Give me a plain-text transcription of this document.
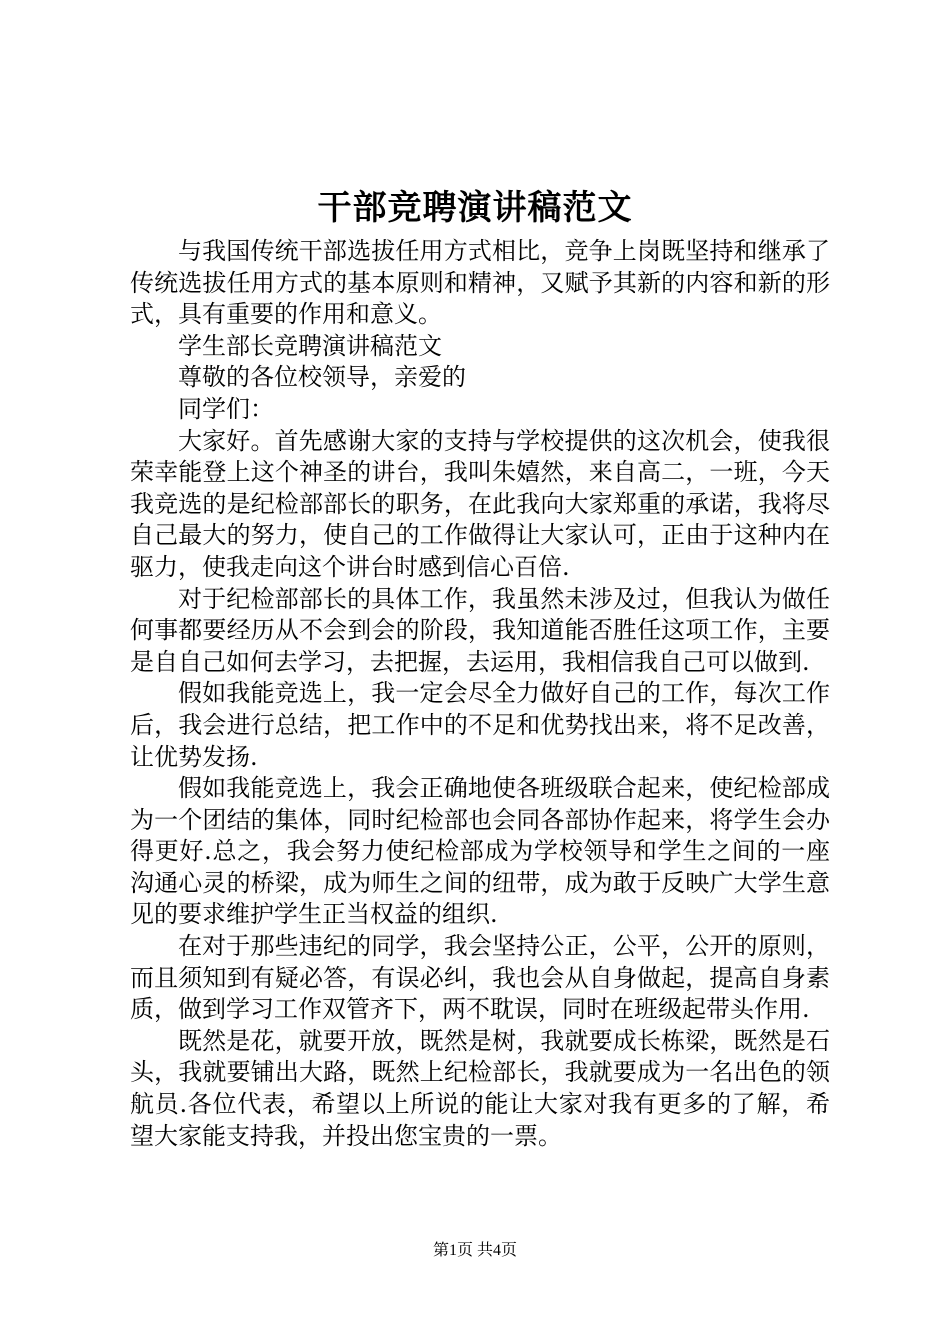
干部竞聘演讲稿范文

与我国传统干部选拔任用方式相比，竞争上岗既坚持和继承了传统选拔任用方式的基本原则和精神，又赋予其新的内容和新的形式，具有重要的作用和意义。

学生部长竞聘演讲稿范文

尊敬的各位校领导，亲爱的

同学们：

大家好。首先感谢大家的支持与学校提供的这次机会，使我很荣幸能登上这个神圣的讲台，我叫朱嬉然，来自高二，一班，今天我竞选的是纪检部部长的职务，在此我向大家郑重的承诺，我将尽自己最大的努力，使自己的工作做得让大家认可，正由于这种内在驱力，使我走向这个讲台时感到信心百倍.

对于纪检部部长的具体工作，我虽然未涉及过，但我认为做任何事都要经历从不会到会的阶段，我知道能否胜任这项工作，主要是自自己如何去学习，去把握，去运用，我相信我自己可以做到.

假如我能竞选上，我一定会尽全力做好自己的工作，每次工作后，我会进行总结，把工作中的不足和优势找出来，将不足改善，让优势发扬.

假如我能竞选上，我会正确地使各班级联合起来，使纪检部成为一个团结的集体，同时纪检部也会同各部协作起来，将学生会办得更好.总之，我会努力使纪检部成为学校领导和学生之间的一座沟通心灵的桥梁，成为师生之间的纽带，成为敢于反映广大学生意见的要求维护学生正当权益的组织.

在对于那些违纪的同学，我会坚持公正，公平，公开的原则，而且须知到有疑必答，有误必纠，我也会从自身做起，提高自身素质，做到学习工作双管齐下，两不耽误，同时在班级起带头作用.

既然是花，就要开放，既然是树，我就要成长栋梁，既然是石头，我就要铺出大路，既然上纪检部长，我就要成为一名出色的领航员.各位代表，希望以上所说的能让大家对我有更多的了解，希望大家能支持我，并投出您宝贵的一票。

第1页 共4页
